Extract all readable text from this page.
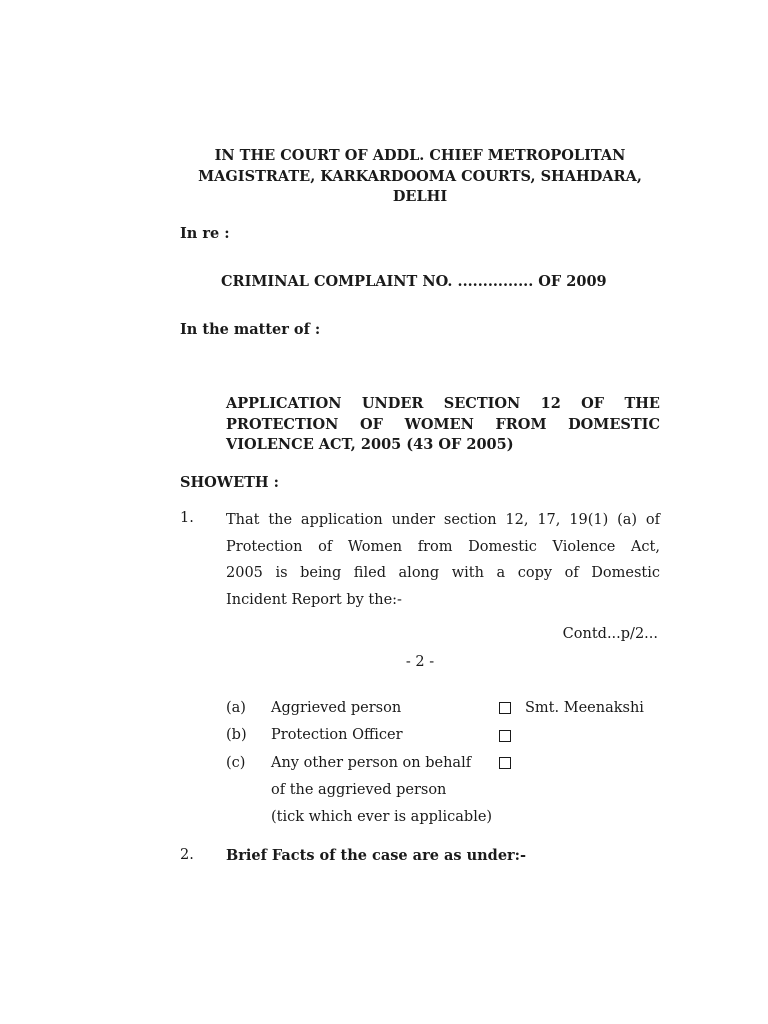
IN THE COURT OF ADDL. CHIEF METROPOLITAN
MAGISTRATE, KARKARDOOMA COURTS, SHAHDARA,
DELHI
In re :
CRIMINAL COMPLAINT NO. ............... OF 2009
In the matter of :
APPLICATION UNDER SECTION 12 OF THE
PROTECTION OF WOMEN FROM DOMESTIC
VIOLENCE ACT, 2005 (43 OF 2005)
SHOWETH :
1. That the application under section 12, 17, 19(1) (a) of
Protection of Women from Domestic Violence Act,
2005 is being filed along with a copy of Domestic
Incident Report by the:-
Contd...p/2...
- 2 -
(a) Aggrieved person	Smt. Meenakshi
(b) Protection Officer
(c) Any other person on behalf
of the aggrieved person
(tick which ever is applicable)
2. Brief Facts of the case are as under:-
